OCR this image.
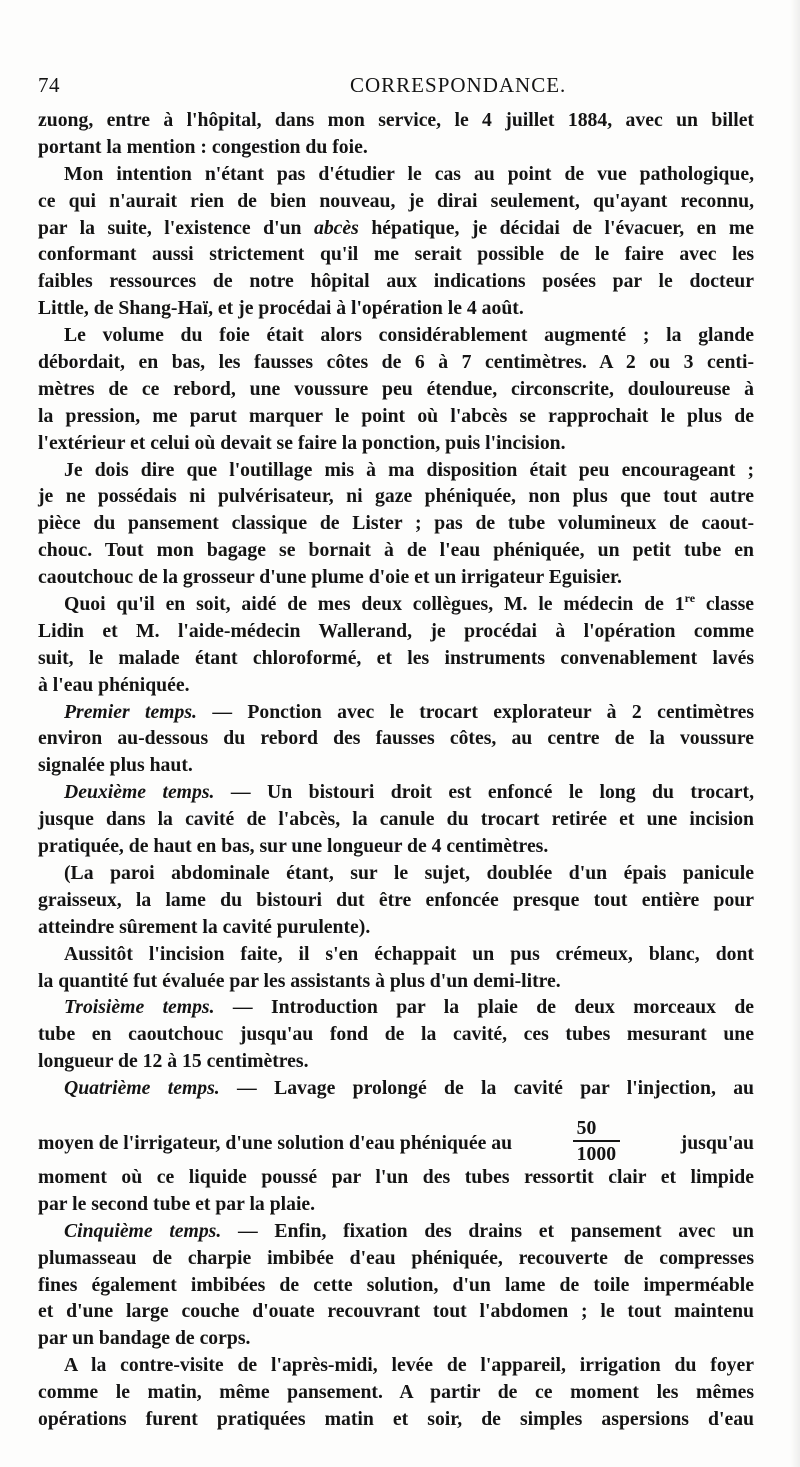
74	CORRESPONDANCE.
zuong, entre à l'hôpital, dans mon service, le 4 juillet 1884, avec un billet
portant la mention : congestion du foie.
Mon intention n'étant pas d'étudier le cas au point de vue pathologique,
ce qui n'aurait rien de bien nouveau, je dirai seulement, qu'ayant reconnu,
par la suite, l'existence d'un abcès hépatique, je décidai de l'évacuer, en me
conformant aussi strictement qu'il me serait possible de le faire avec les
faibles ressources de notre hôpital aux indications posées par le docteur
Little, de Shang-Haï, et je procédai à l'opération le 4 août.
Le volume du foie était alors considérablement augmenté ; la glande
débordait, en bas, les fausses côtes de 6 à 7 centimètres. A 2 ou 3 centi-
mètres de ce rebord, une voussure peu étendue, circonscrite, douloureuse à
la pression, me parut marquer le point où l'abcès se rapprochait le plus de
l'extérieur et celui où devait se faire la ponction, puis l'incision.
Je dois dire que l'outillage mis à ma disposition était peu encourageant ;
je ne possédais ni pulvérisateur, ni gaze phéniquée, non plus que tout autre
pièce du pansement classique de Lister ; pas de tube volumineux de caout-
chouc. Tout mon bagage se bornait à de l'eau phéniquée, un petit tube en
caoutchouc de la grosseur d'une plume d'oie et un irrigateur Eguisier.
Quoi qu'il en soit, aidé de mes deux collègues, M. le médecin de 1re classe
Lidin et M. l'aide-médecin Wallerand, je procédai à l'opération comme
suit, le malade étant chloroformé, et les instruments convenablement lavés
à l'eau phéniquée.
Premier temps. — Ponction avec le trocart explorateur à 2 centimètres
environ au-dessous du rebord des fausses côtes, au centre de la voussure
signalée plus haut.
Deuxième temps. — Un bistouri droit est enfoncé le long du trocart,
jusque dans la cavité de l'abcès, la canule du trocart retirée et une incision
pratiquée, de haut en bas, sur une longueur de 4 centimètres.
(La paroi abdominale étant, sur le sujet, doublée d'un épais panicule
graisseux, la lame du bistouri dut être enfoncée presque tout entière pour
atteindre sûrement la cavité purulente).
Aussitôt l'incision faite, il s'en échappait un pus crémeux, blanc, dont
la quantité fut évaluée par les assistants à plus d'un demi-litre.
Troisième temps. — Introduction par la plaie de deux morceaux de
tube en caoutchouc jusqu'au fond de la cavité, ces tubes mesurant une
longueur de 12 à 15 centimètres.
Quatrième temps. — Lavage prolongé de la cavité par l'injection, au
moyen de l'irrigateur, d'une solution d'eau phéniquée au
$\frac{50}{1000}$
jusqu'au
moment où ce liquide poussé par l'un des tubes ressortit clair et limpide
par le second tube et par la plaie.
Cinquième temps. — Enfin, fixation des drains et pansement avec un
plumasseau de charpie imbibée d'eau phéniquée, recouverte de compresses
fines également imbibées de cette solution, d'un lame de toile imperméable
et d'une large couche d'ouate recouvrant tout l'abdomen ; le tout maintenu
par un bandage de corps.
A la contre-visite de l'après-midi, levée de l'appareil, irrigation du foyer
comme le matin, même pansement. A partir de ce moment les mêmes
opérations furent pratiquées matin et soir, de simples aspersions d'eau
